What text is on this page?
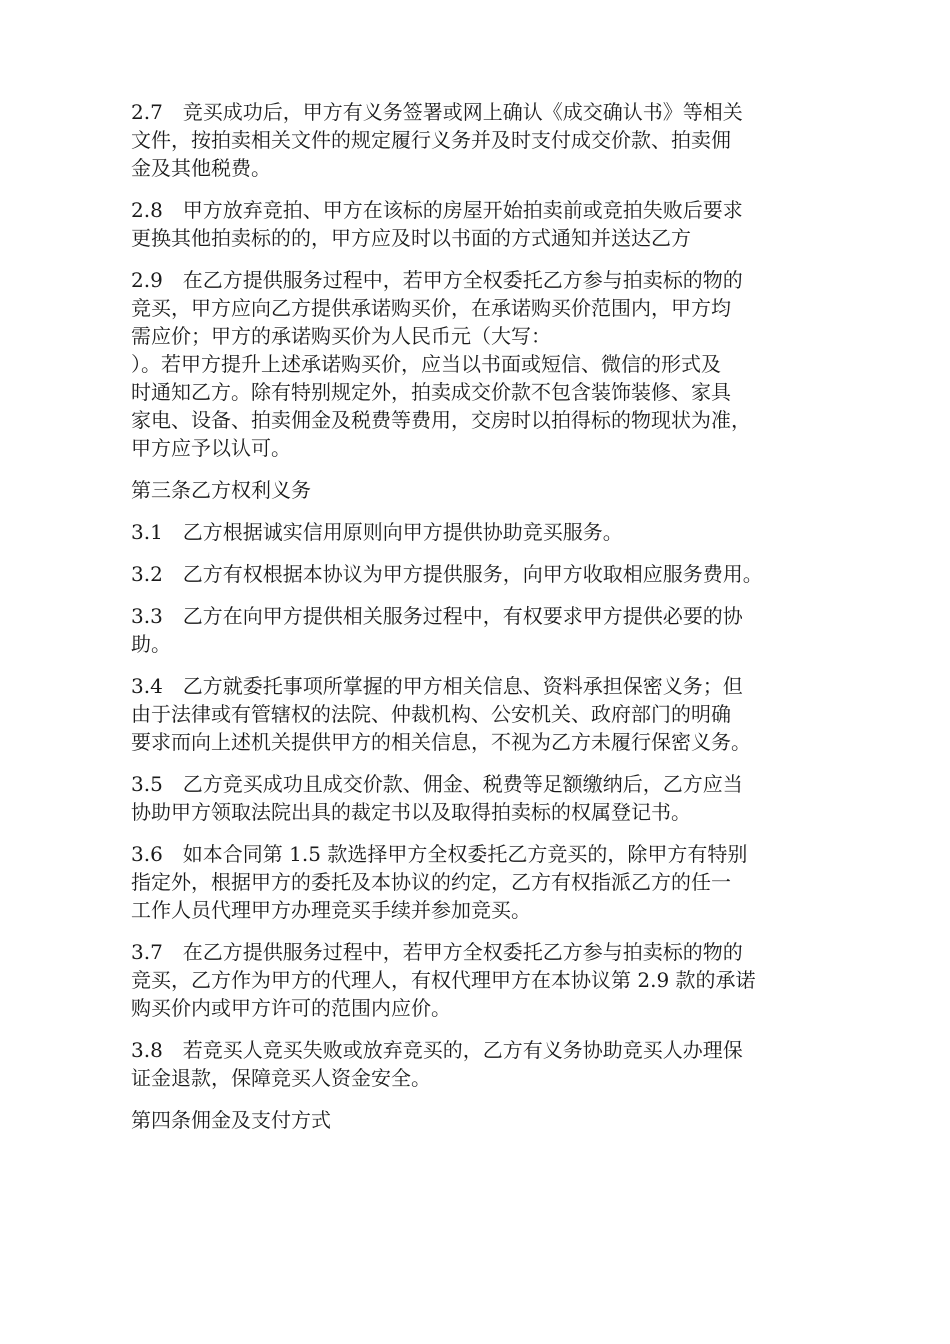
2.7　竞买成功后，甲方有义务签署或网上确认《成交确认书》等相关
文件，按拍卖相关文件的规定履行义务并及时支付成交价款、拍卖佣
金及其他税费。

2.8　甲方放弃竞拍、甲方在该标的房屋开始拍卖前或竞拍失败后要求
更换其他拍卖标的的，甲方应及时以书面的方式通知并送达乙方

2.9　在乙方提供服务过程中，若甲方全权委托乙方参与拍卖标的物的
竞买，甲方应向乙方提供承诺购买价，在承诺购买价范围内，甲方均
需应价；甲方的承诺购买价为人民币元（大写：
）。若甲方提升上述承诺购买价，应当以书面或短信、微信的形式及
时通知乙方。除有特别规定外，拍卖成交价款不包含装饰装修、家具
家电、设备、拍卖佣金及税费等费用，交房时以拍得标的物现状为准，
甲方应予以认可。

第三条乙方权利义务

3.1　乙方根据诚实信用原则向甲方提供协助竞买服务。

3.2　乙方有权根据本协议为甲方提供服务，向甲方收取相应服务费用。

3.3　乙方在向甲方提供相关服务过程中，有权要求甲方提供必要的协
助。

3.4　乙方就委托事项所掌握的甲方相关信息、资料承担保密义务；但
由于法律或有管辖权的法院、仲裁机构、公安机关、政府部门的明确
要求而向上述机关提供甲方的相关信息，不视为乙方未履行保密义务。

3.5　乙方竞买成功且成交价款、佣金、税费等足额缴纳后，乙方应当
协助甲方领取法院出具的裁定书以及取得拍卖标的权属登记书。

3.6　如本合同第 1.5 款选择甲方全权委托乙方竞买的，除甲方有特别
指定外，根据甲方的委托及本协议的约定，乙方有权指派乙方的任一
工作人员代理甲方办理竞买手续并参加竞买。

3.7　在乙方提供服务过程中，若甲方全权委托乙方参与拍卖标的物的
竞买，乙方作为甲方的代理人，有权代理甲方在本协议第 2.9 款的承诺
购买价内或甲方许可的范围内应价。

3.8　若竞买人竞买失败或放弃竞买的，乙方有义务协助竞买人办理保
证金退款，保障竞买人资金安全。

第四条佣金及支付方式
